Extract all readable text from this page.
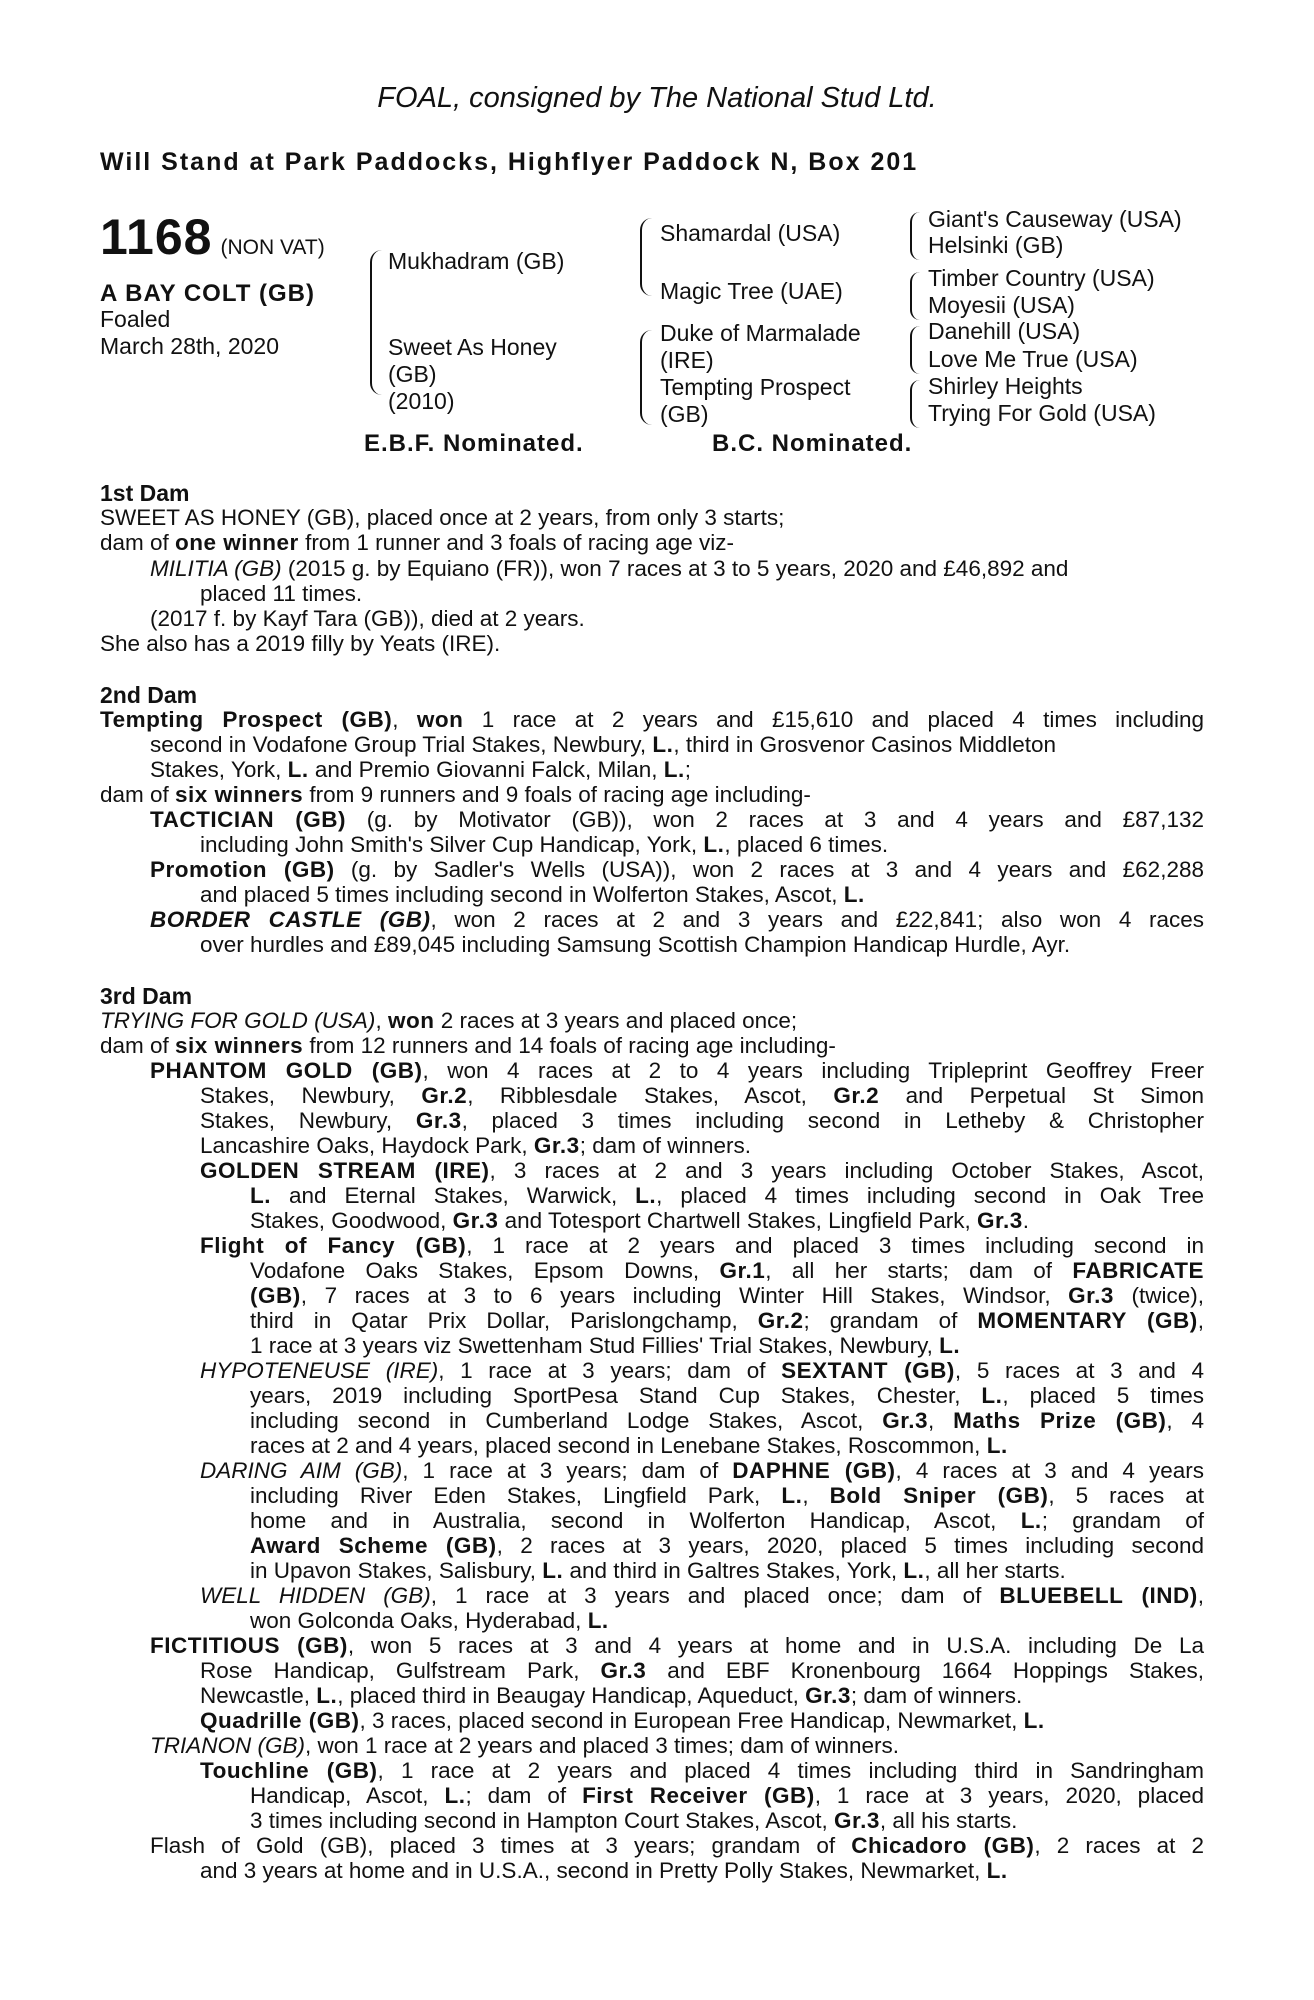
FOAL, consigned by The National Stud Ltd.
Will Stand at Park Paddocks, Highflyer Paddock N, Box 201
1168 (NON VAT)
A BAY COLT (GB)
Foaled
March 28th, 2020
Mukhadram (GB)
Sweet As Honey
(GB)
(2010)
Shamardal (USA)
Magic Tree (UAE)
Duke of Marmalade
(IRE)
Tempting Prospect
(GB)
Giant's Causeway (USA)
Helsinki (GB)
Timber Country (USA)
Moyesii (USA)
Danehill (USA)
Love Me True (USA)
Shirley Heights
Trying For Gold (USA)
E.B.F. Nominated.	B.C. Nominated.
1st Dam
SWEET AS HONEY (GB), placed once at 2 years, from only 3 starts;
dam of one winner from 1 runner and 3 foals of racing age viz-
MILITIA (GB) (2015 g. by Equiano (FR)), won 7 races at 3 to 5 years, 2020 and £46,892 and
placed 11 times.
(2017 f. by Kayf Tara (GB)), died at 2 years.
She also has a 2019 filly by Yeats (IRE).
2nd Dam
Tempting Prospect (GB), won 1 race at 2 years and £15,610 and placed 4 times including
second in Vodafone Group Trial Stakes, Newbury, L., third in Grosvenor Casinos Middleton
Stakes, York, L. and Premio Giovanni Falck, Milan, L.;
dam of six winners from 9 runners and 9 foals of racing age including-
TACTICIAN (GB) (g. by Motivator (GB)), won 2 races at 3 and 4 years and £87,132
including John Smith's Silver Cup Handicap, York, L., placed 6 times.
Promotion (GB) (g. by Sadler's Wells (USA)), won 2 races at 3 and 4 years and £62,288
and placed 5 times including second in Wolferton Stakes, Ascot, L.
BORDER CASTLE (GB), won 2 races at 2 and 3 years and £22,841; also won 4 races
over hurdles and £89,045 including Samsung Scottish Champion Handicap Hurdle, Ayr.
3rd Dam
TRYING FOR GOLD (USA), won 2 races at 3 years and placed once;
dam of six winners from 12 runners and 14 foals of racing age including-
PHANTOM GOLD (GB), won 4 races at 2 to 4 years including Tripleprint Geoffrey Freer
Stakes, Newbury, Gr.2, Ribblesdale Stakes, Ascot, Gr.2 and Perpetual St Simon
Stakes, Newbury, Gr.3, placed 3 times including second in Letheby & Christopher
Lancashire Oaks, Haydock Park, Gr.3; dam of winners.
GOLDEN STREAM (IRE), 3 races at 2 and 3 years including October Stakes, Ascot,
L. and Eternal Stakes, Warwick, L., placed 4 times including second in Oak Tree
Stakes, Goodwood, Gr.3 and Totesport Chartwell Stakes, Lingfield Park, Gr.3.
Flight of Fancy (GB), 1 race at 2 years and placed 3 times including second in
Vodafone Oaks Stakes, Epsom Downs, Gr.1, all her starts; dam of FABRICATE
(GB), 7 races at 3 to 6 years including Winter Hill Stakes, Windsor, Gr.3 (twice),
third in Qatar Prix Dollar, Parislongchamp, Gr.2; grandam of MOMENTARY (GB),
1 race at 3 years viz Swettenham Stud Fillies' Trial Stakes, Newbury, L.
HYPOTENEUSE (IRE), 1 race at 3 years; dam of SEXTANT (GB), 5 races at 3 and 4
years, 2019 including SportPesa Stand Cup Stakes, Chester, L., placed 5 times
including second in Cumberland Lodge Stakes, Ascot, Gr.3, Maths Prize (GB), 4
races at 2 and 4 years, placed second in Lenebane Stakes, Roscommon, L.
DARING AIM (GB), 1 race at 3 years; dam of DAPHNE (GB), 4 races at 3 and 4 years
including River Eden Stakes, Lingfield Park, L., Bold Sniper (GB), 5 races at
home and in Australia, second in Wolferton Handicap, Ascot, L.; grandam of
Award Scheme (GB), 2 races at 3 years, 2020, placed 5 times including second
in Upavon Stakes, Salisbury, L. and third in Galtres Stakes, York, L., all her starts.
WELL HIDDEN (GB), 1 race at 3 years and placed once; dam of BLUEBELL (IND),
won Golconda Oaks, Hyderabad, L.
FICTITIOUS (GB), won 5 races at 3 and 4 years at home and in U.S.A. including De La
Rose Handicap, Gulfstream Park, Gr.3 and EBF Kronenbourg 1664 Hoppings Stakes,
Newcastle, L., placed third in Beaugay Handicap, Aqueduct, Gr.3; dam of winners.
Quadrille (GB), 3 races, placed second in European Free Handicap, Newmarket, L.
TRIANON (GB), won 1 race at 2 years and placed 3 times; dam of winners.
Touchline (GB), 1 race at 2 years and placed 4 times including third in Sandringham
Handicap, Ascot, L.; dam of First Receiver (GB), 1 race at 3 years, 2020, placed
3 times including second in Hampton Court Stakes, Ascot, Gr.3, all his starts.
Flash of Gold (GB), placed 3 times at 3 years; grandam of Chicadoro (GB), 2 races at 2
and 3 years at home and in U.S.A., second in Pretty Polly Stakes, Newmarket, L.
